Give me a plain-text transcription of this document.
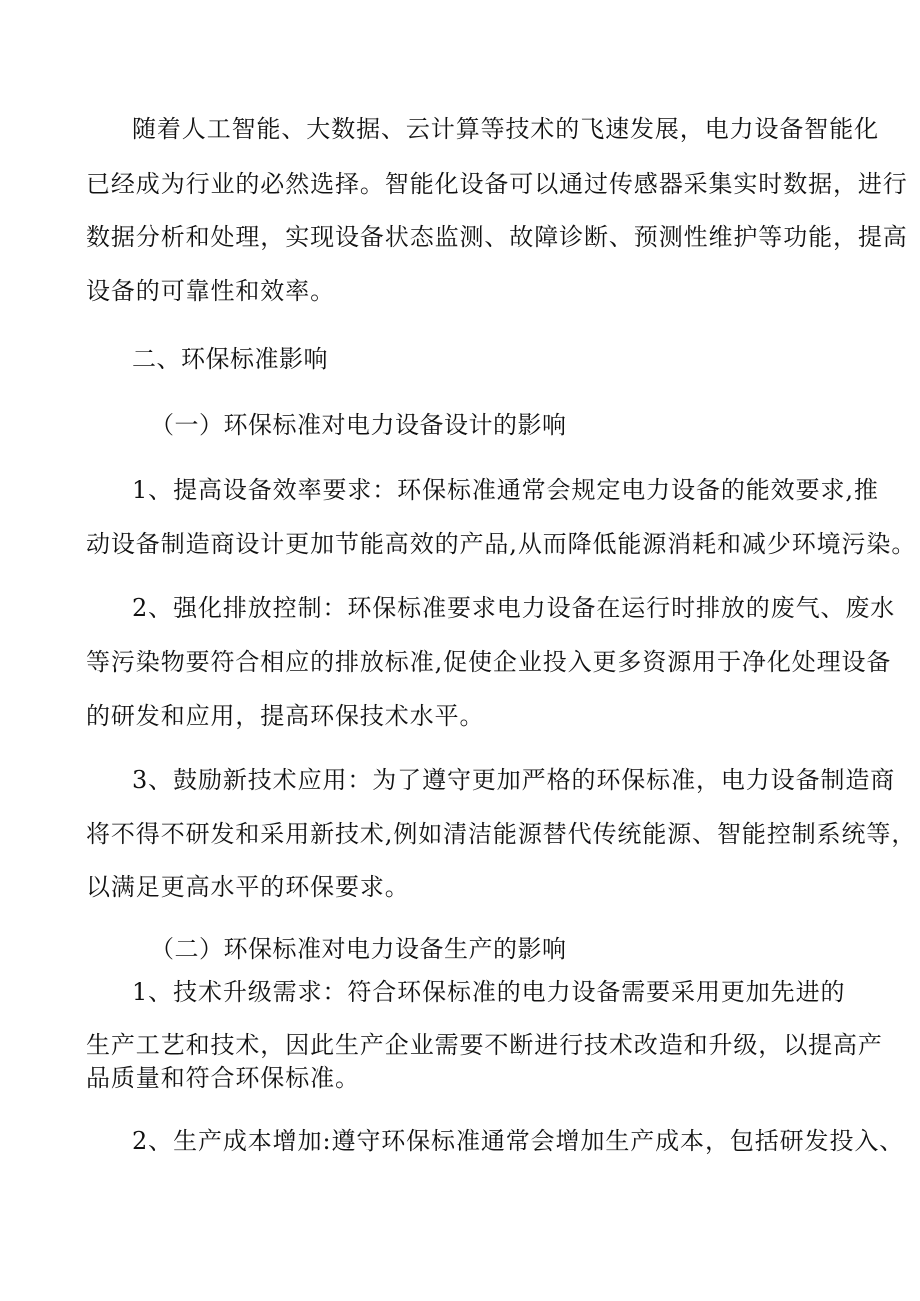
随着人工智能、大数据、云计算等技术的飞速发展，电力设备智能化

已经成为行业的必然选择。智能化设备可以通过传感器采集实时数据，进行

数据分析和处理，实现设备状态监测、故障诊断、预测性维护等功能，提高

设备的可靠性和效率。

二、环保标准影响
（一）环保标准对电力设备设计的影响

1、提高设备效率要求：环保标准通常会规定电力设备的能效要求,推

动设备制造商设计更加节能高效的产品,从而降低能源消耗和减少环境污染。

2、强化排放控制：环保标准要求电力设备在运行时排放的废气、废水

等污染物要符合相应的排放标准,促使企业投入更多资源用于净化处理设备

的研发和应用，提高环保技术水平。

3、鼓励新技术应用：为了遵守更加严格的环保标准，电力设备制造商

将不得不研发和采用新技术,例如清洁能源替代传统能源、智能控制系统等，

以满足更高水平的环保要求。

（二）环保标准对电力设备生产的影响

1、技术升级需求：符合环保标准的电力设备需要采用更加先进的

生产工艺和技术，因此生产企业需要不断进行技术改造和升级，以提高产

品质量和符合环保标准。

2、生产成本增加:遵守环保标准通常会增加生产成本，包括研发投入、
